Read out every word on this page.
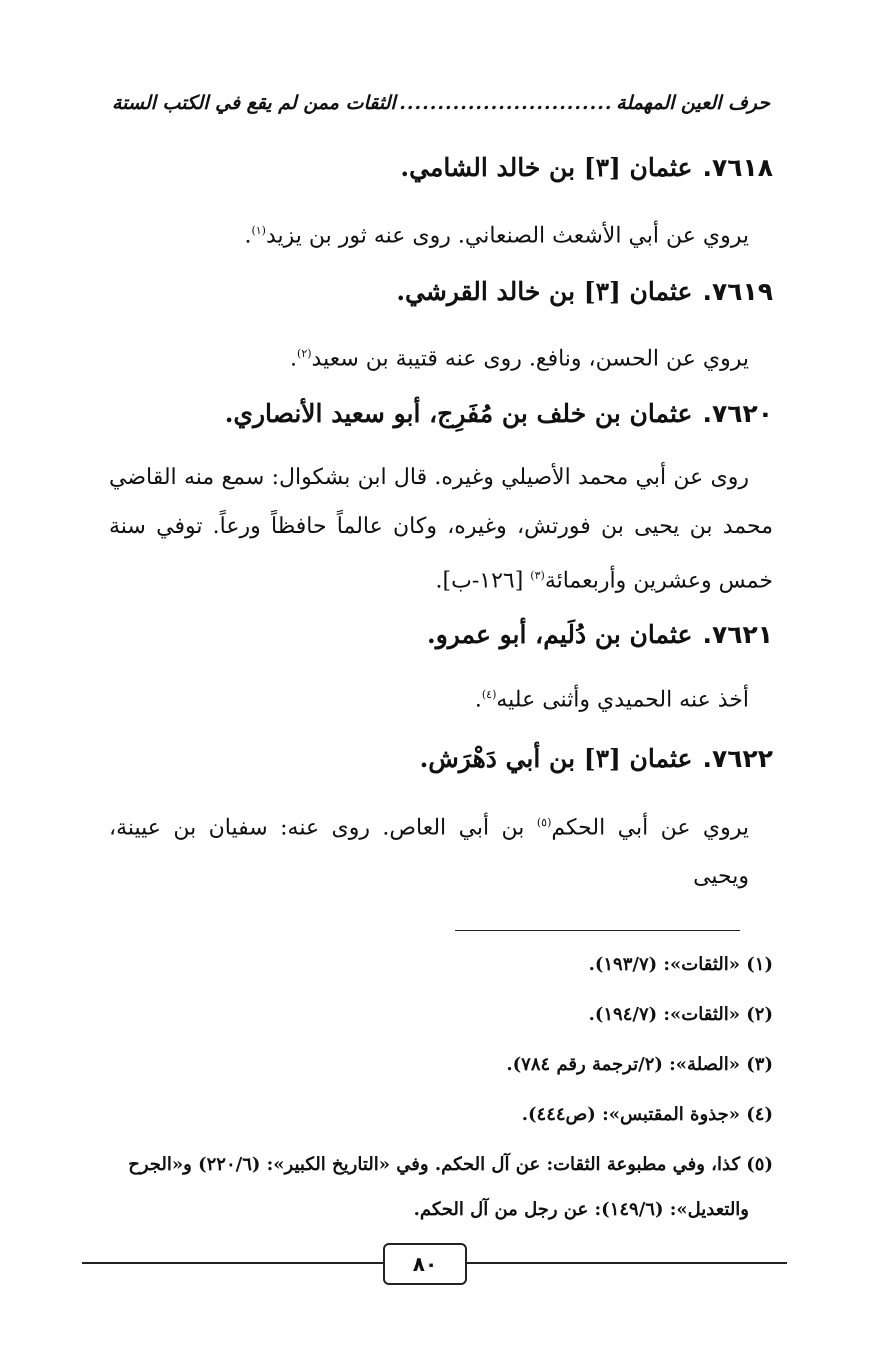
حرف العين المهملة
............................
الثقات ممن لم يقع في الكتب الستة
٧٦١٨.عثمان [٣] بن خالد الشامي.
يروي عن أبي الأشعث الصنعاني. روى عنه ثور بن يزيد$^{(١)}$.
٧٦١٩.عثمان [٣] بن خالد القرشي.
يروي عن الحسن، ونافع. روى عنه قتيبة بن سعيد$^{(٢)}$.
٧٦٢٠.عثمان بن خلف بن مُفَرِج، أبو سعيد الأنصاري.
روى عن أبي محمد الأصيلي وغيره. قال ابن بشكوال: سمع منه القاضي محمد بن يحيى بن فورتش، وغيره، وكان عالماً حافظاً ورعاً. توفي سنة خمس وعشرين وأربعمائة$^{(٣)}$ [١٢٦-ب].
٧٦٢١.عثمان بن دُلَيم، أبو عمرو.
أخذ عنه الحميدي وأثنى عليه$^{(٤)}$.
٧٦٢٢.عثمان [٣] بن أبي دَهْرَش.
يروي عن أبي الحكم$^{(٥)}$ بن أبي العاص. روى عنه: سفيان بن عيينة، ويحيى
(١) «الثقات»: (١٩٣/٧).
(٢) «الثقات»: (١٩٤/٧).
(٣) «الصلة»: (٢/ترجمة رقم ٧٨٤).
(٤) «جذوة المقتبس»: (ص٤٤٤).
(٥) كذا، وفي مطبوعة الثقات: عن آل الحكم. وفي «التاريخ الكبير»: (٢٢٠/٦) و«الجرح
والتعديل»: (١٤٩/٦): عن رجل من آل الحكم.
٨٠
